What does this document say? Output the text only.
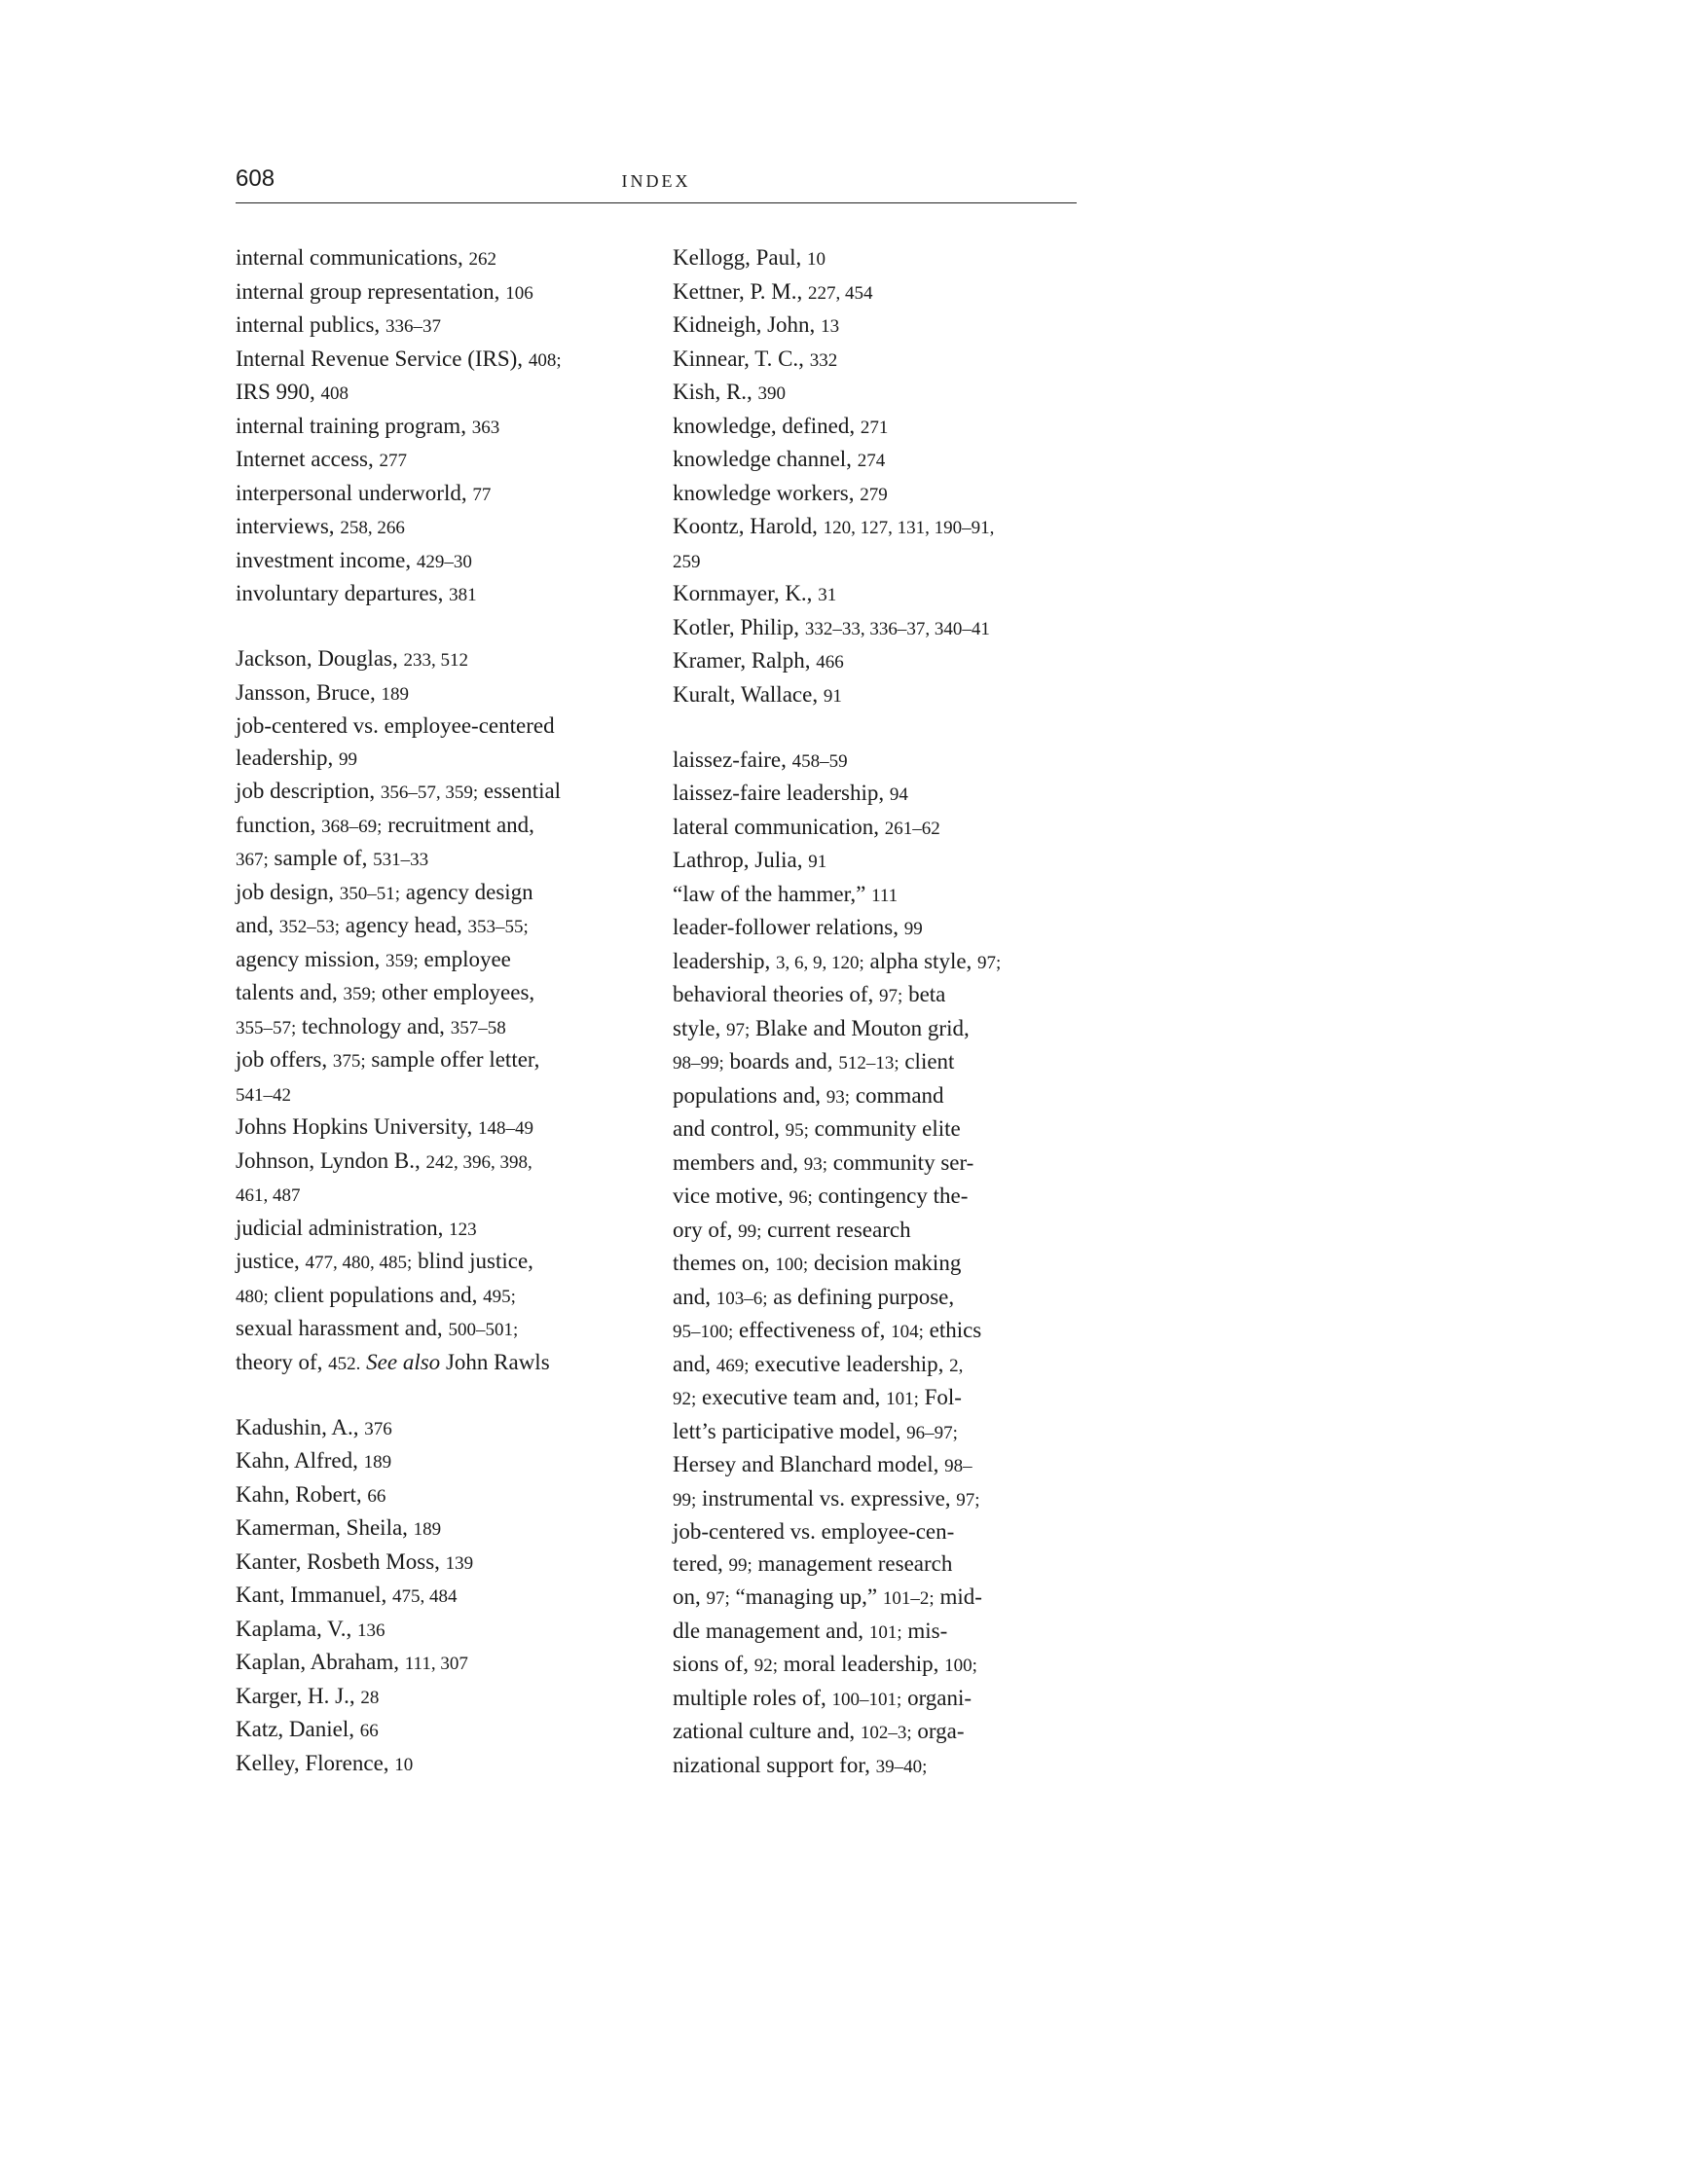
608	INDEX
internal communications, 262
internal group representation, 106
internal publics, 336–37
Internal Revenue Service (IRS), 408;
IRS 990, 408
internal training program, 363
Internet access, 277
interpersonal underworld, 77
interviews, 258, 266
investment income, 429–30
involuntary departures, 381
Jackson, Douglas, 233, 512
Jansson, Bruce, 189
job-centered vs. employee-centered
leadership, 99
job description, 356–57, 359; essential
function, 368–69; recruitment and,
367; sample of, 531–33
job design, 350–51; agency design
and, 352–53; agency head, 353–55;
agency mission, 359; employee
talents and, 359; other employees,
355–57; technology and, 357–58
job offers, 375; sample offer letter,
541–42
Johns Hopkins University, 148–49
Johnson, Lyndon B., 242, 396, 398,
461, 487
judicial administration, 123
justice, 477, 480, 485; blind justice,
480; client populations and, 495;
sexual harassment and, 500–501;
theory of, 452. See also John Rawls
Kadushin, A., 376
Kahn, Alfred, 189
Kahn, Robert, 66
Kamerman, Sheila, 189
Kanter, Rosbeth Moss, 139
Kant, Immanuel, 475, 484
Kaplama, V., 136
Kaplan, Abraham, 111, 307
Karger, H. J., 28
Katz, Daniel, 66
Kelley, Florence, 10
Kellogg, Paul, 10
Kettner, P. M., 227, 454
Kidneigh, John, 13
Kinnear, T. C., 332
Kish, R., 390
knowledge, defined, 271
knowledge channel, 274
knowledge workers, 279
Koontz, Harold, 120, 127, 131, 190–91,
259
Kornmayer, K., 31
Kotler, Philip, 332–33, 336–37, 340–41
Kramer, Ralph, 466
Kuralt, Wallace, 91
laissez-faire, 458–59
laissez-faire leadership, 94
lateral communication, 261–62
Lathrop, Julia, 91
“law of the hammer,” 111
leader-follower relations, 99
leadership, 3, 6, 9, 120; alpha style, 97;
behavioral theories of, 97; beta
style, 97; Blake and Mouton grid,
98–99; boards and, 512–13; client
populations and, 93; command
and control, 95; community elite
members and, 93; community ser-
vice motive, 96; contingency the-
ory of, 99; current research
themes on, 100; decision making
and, 103–6; as defining purpose,
95–100; effectiveness of, 104; ethics
and, 469; executive leadership, 2,
92; executive team and, 101; Fol-
lett’s participative model, 96–97;
Hersey and Blanchard model, 98–
99; instrumental vs. expressive, 97;
job-centered vs. employee-cen-
tered, 99; management research
on, 97; “managing up,” 101–2; mid-
dle management and, 101; mis-
sions of, 92; moral leadership, 100;
multiple roles of, 100–101; organi-
zational culture and, 102–3; orga-
nizational support for, 39–40;
